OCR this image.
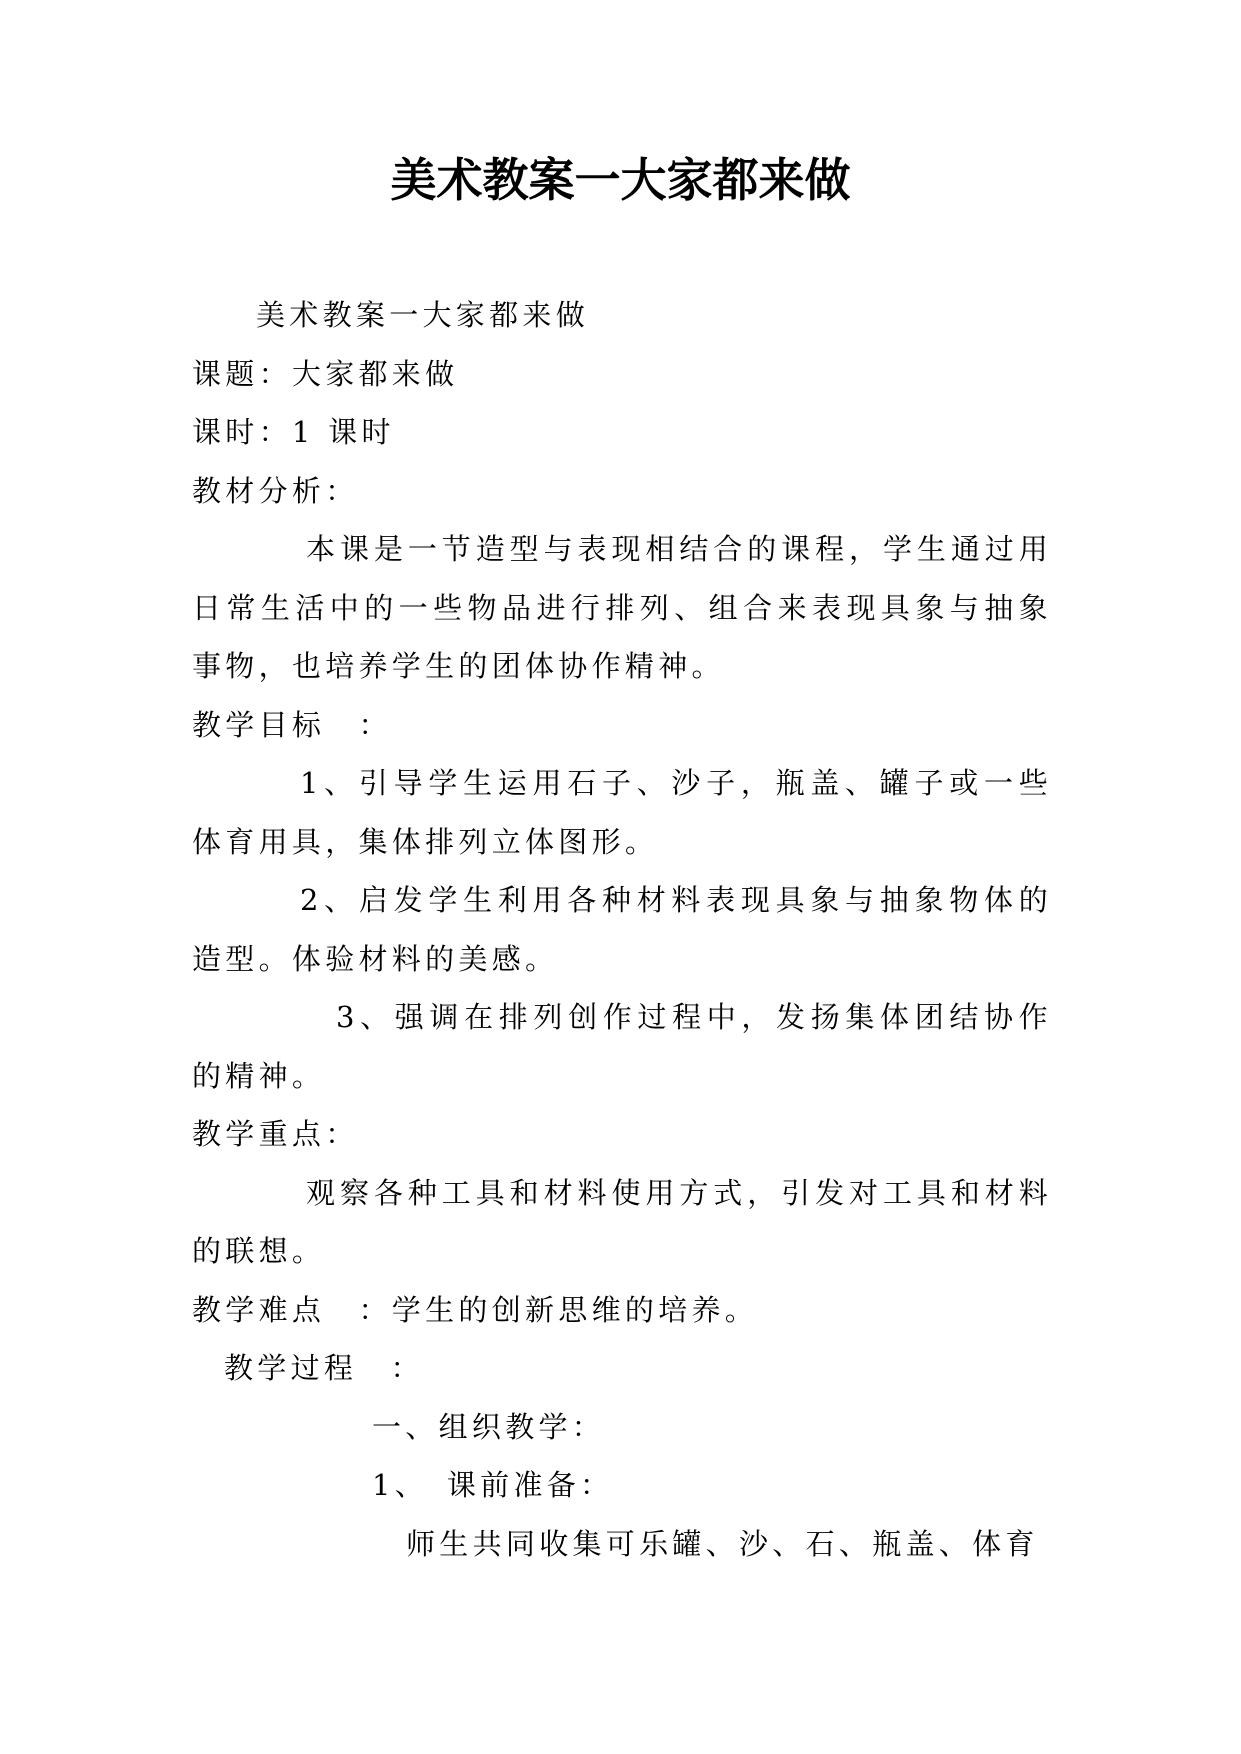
美术教案一大家都来做
美术教案一大家都来做
课题：大家都来做
课时：1 课时
教材分析：
本课是一节造型与表现相结合的课程，学生通过用日常生活中的一些物品进行排列、组合来表现具象与抽象事物，也培养学生的团体协作精神。
教学目标　：
1、引导学生运用石子、沙子，瓶盖、罐子或一些体育用具，集体排列立体图形。
2、启发学生利用各种材料表现具象与抽象物体的造型。体验材料的美感。
3、强调在排列创作过程中，发扬集体团结协作的精神。
教学重点：
观察各种工具和材料使用方式，引发对工具和材料的联想。
教学难点　：学生的创新思维的培养。
教学过程　：
一、组织教学：
1、　课前准备：
师生共同收集可乐罐、沙、石、瓶盖、体育
